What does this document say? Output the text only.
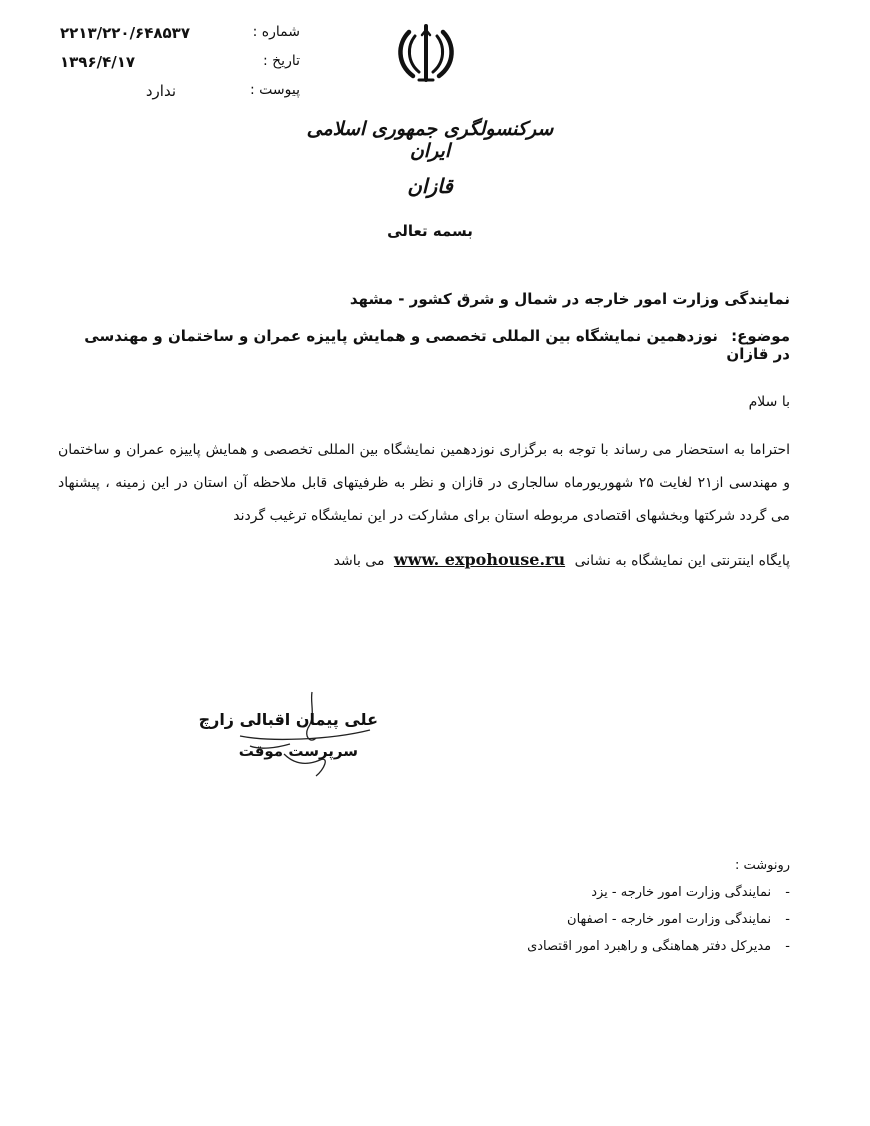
شماره :
۲۲۱۳/۲۲۰/۶۴۸۵۳۷
تاریخ :
۱۳۹۶/۴/۱۷
پیوست :
ندارد
سرکنسولگری جمهوری اسلامی ایران
قازان
بسمه تعالی
نمایندگی وزارت امور خارجه در شمال و شرق کشور - مشهد
موضوع: نوزدهمین نمایشگاه بین المللی تخصصی و همایش پاییزه عمران و ساختمان و مهندسی در قازان
با سلام
احتراما به استحضار می رساند با توجه به برگزاری نوزدهمین نمایشگاه بین المللی تخصصی و همایش پاییزه عمران و ساختمان و مهندسی از۲۱ لغایت ۲۵ شهوریورماه سالجاری در قازان و نظر به ظرفیتهای قابل ملاحظه آن استان در این زمینه ، پیشنهاد می گردد شرکتها وبخشهای اقتصادی مربوطه استان برای مشارکت در این نمایشگاه ترغیب گردند
پایگاه اینترنتی این نمایشگاه به نشانی www. expohouse.ru می باشد
علی پیمان اقبالی زارچ
سرپرست موقت
رونوشت :
- نمایندگی وزارت امور خارجه - یزد
- نمایندگی وزارت امور خارجه - اصفهان
- مدیرکل دفتر هماهنگی و راهبرد امور اقتصادی
